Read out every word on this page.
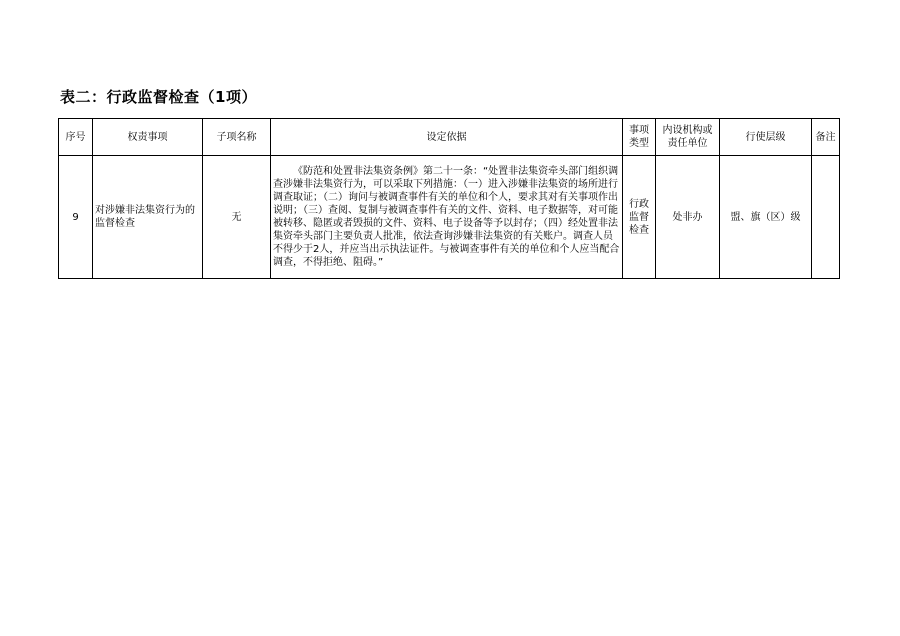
表二：行政监督检查（1项）
序号	权责事项	子项名称	设定依据	事项类型	内设机构或责任单位	行使层级	备注
9	对涉嫌非法集资行为的监督检查	无	《防范和处置非法集资条例》第二十一条：“处置非法集资牵头部门组织调查涉嫌非法集资行为，可以采取下列措施：（一）进入涉嫌非法集资的场所进行调查取证；（二）询问与被调查事件有关的单位和个人，要求其对有关事项作出说明；（三）查阅、复制与被调查事件有关的文件、资料、电子数据等，对可能被转移、隐匿或者毁损的文件、资料、电子设备等予以封存；（四）经处置非法集资牵头部门主要负责人批准，依法查询涉嫌非法集资的有关账户。调查人员不得少于2人，并应当出示执法证件。与被调查事件有关的单位和个人应当配合调查，不得拒绝、阻碍。”	行政监督检查	处非办	盟、旗（区）级	
